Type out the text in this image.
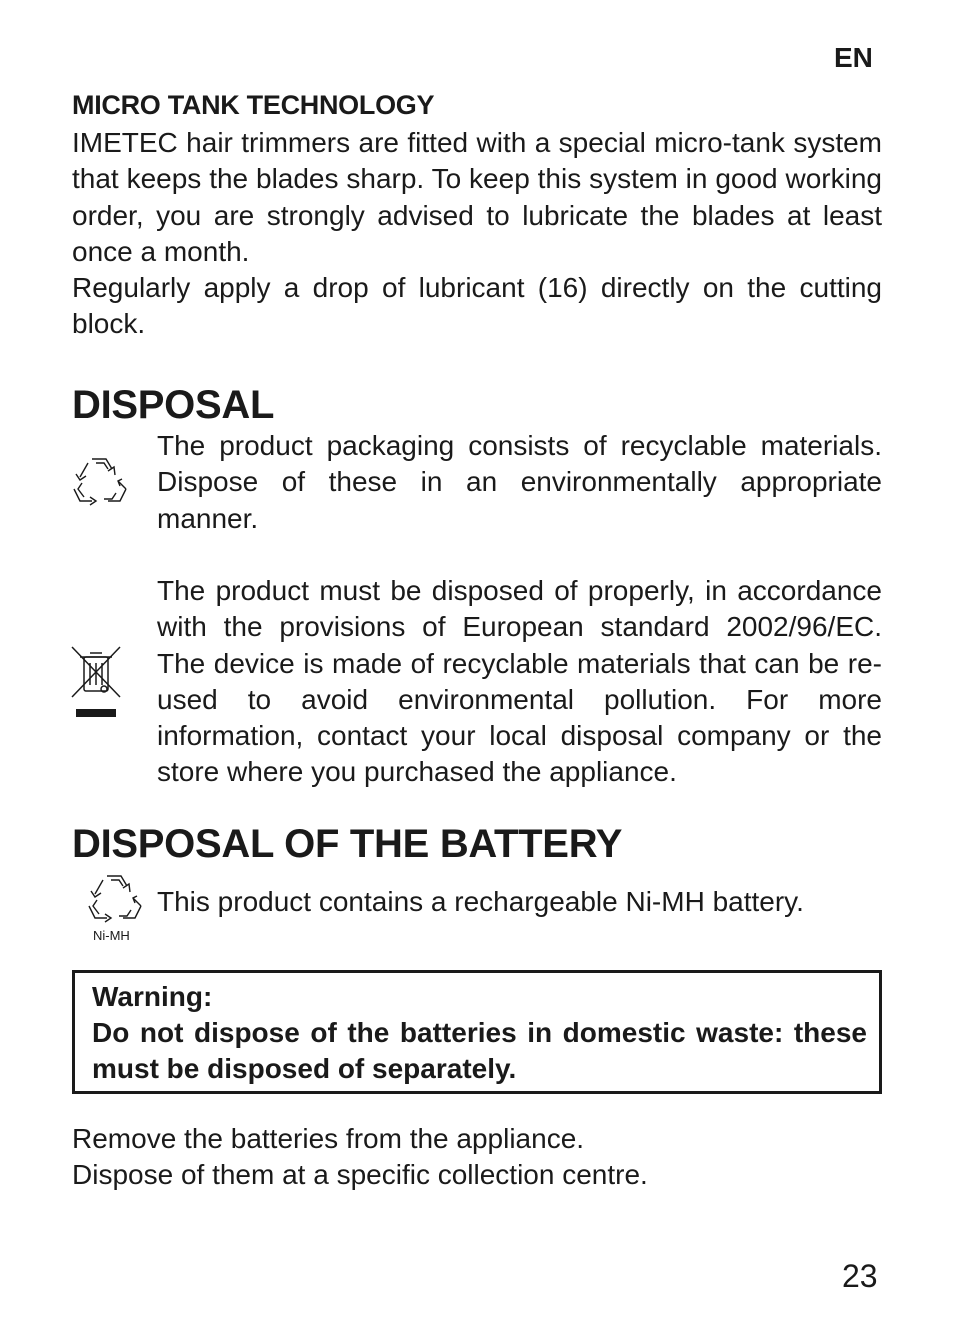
EN
MICRO TANK TECHNOLOGY
IMETEC hair trimmers are fitted with a special micro-tank system that keeps the blades sharp. To keep this system in good working order, you are strongly advised to lubricate the blades at least once a month.
Regularly apply a drop of lubricant (16) directly on the cutting block.
DISPOSAL
The product packaging consists of recyclable materials. Dispose of these in an environmentally appropriate manner.
The product must be disposed of properly, in accordance with the provisions of European standard 2002/96/EC. The device is made of recyclable materials that can be re-used to avoid environmental pollution. For more information, contact your local disposal company or the store where you purchased the appliance.
DISPOSAL OF THE BATTERY
Ni-MH
This product contains a rechargeable Ni-MH battery.
Warning:
Do not dispose of the batteries in domestic waste: these must be disposed of separately.
Remove the batteries from the appliance.
Dispose of them at a specific collection centre.
23
